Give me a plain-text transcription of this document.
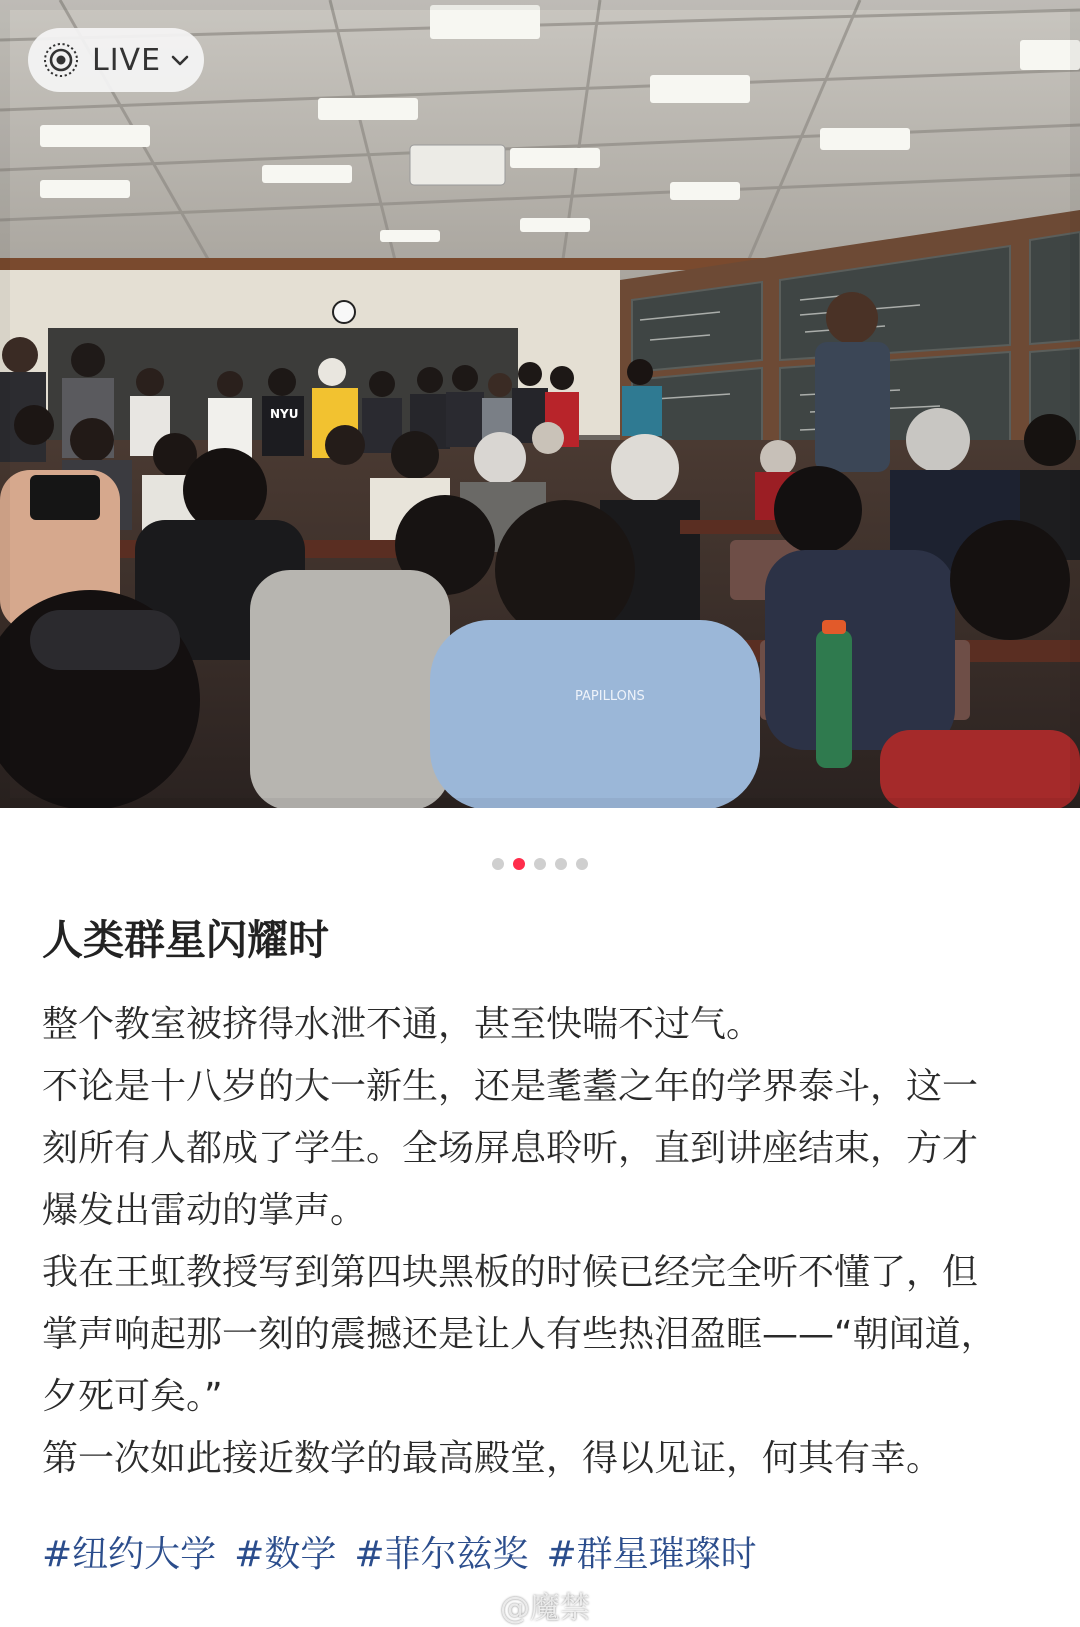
NYU
PAPILLONS
LIVE
人类群星闪耀时

整个教室被挤得水泄不通，甚至快喘不过气。

不论是十八岁的大一新生，还是耄耋之年的学界泰斗，这一刻所有人都成了学生。全场屏息聆听，直到讲座结束，方才爆发出雷动的掌声。

我在王虹教授写到第四块黑板的时候已经完全听不懂了，但掌声响起那一刻的震撼还是让人有些热泪盈眶——“朝闻道，夕死可矣。”

第一次如此接近数学的最高殿堂，得以见证，何其有幸。

#纽约大学 #数学 #菲尔兹奖 #群星璀璨时
@魔禁
